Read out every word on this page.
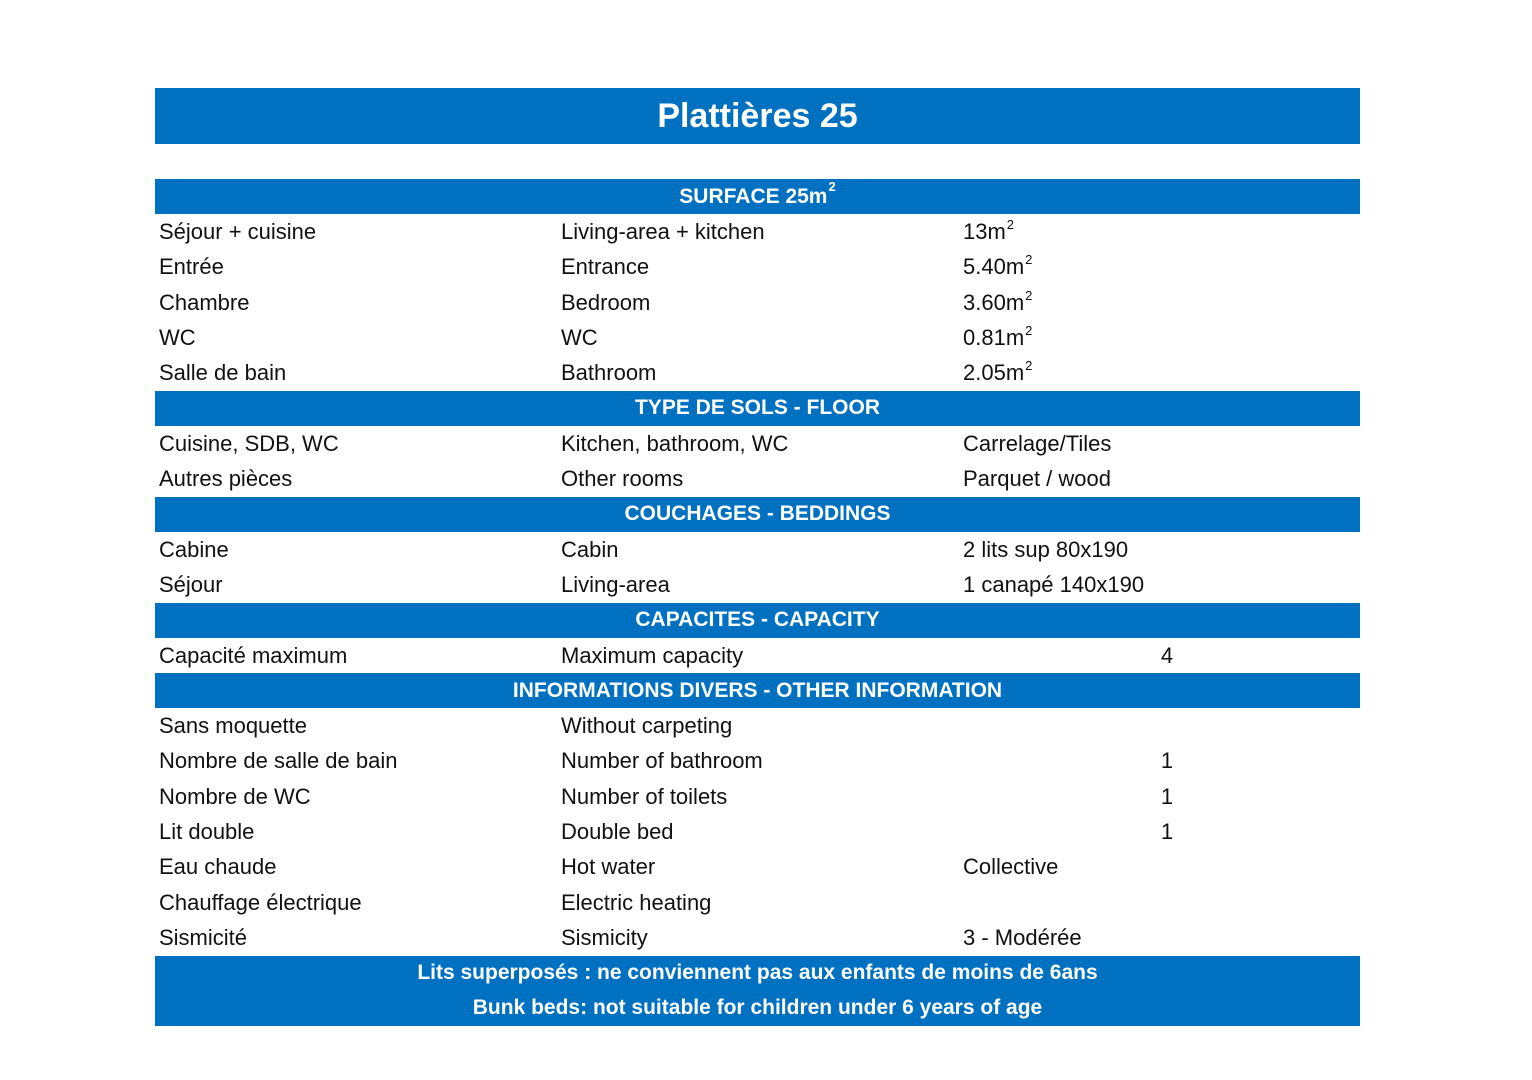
Plattières 25
SURFACE 25m 2
Séjour + cuisine	Living-area + kitchen	$13m^2$
Entrée	Entrance	$5.40m^2$
Chambre	Bedroom	$3.60m^2$
WC	WC	$0.81m^2$
Salle de bain	Bathroom	$2.05m^2$
TYPE DE SOLS - FLOOR
Cuisine, SDB, WC	Kitchen, bathroom, WC	Carrelage/Tiles
Autres pièces	Other rooms	Parquet / wood
COUCHAGES - BEDDINGS
Cabine	Cabin	2 lits sup 80x190
Séjour	Living-area	1 canapé 140x190
CAPACITES - CAPACITY
Capacité maximum	Maximum capacity	4
INFORMATIONS DIVERS - OTHER INFORMATION
Sans moquette	Without carpeting
Nombre de salle de bain	Number of bathroom	1
Nombre de WC	Number of toilets	1
Lit double	Double bed	1
Eau chaude	Hot water	Collective
Chauffage électrique	Electric heating
Sismicité	Sismicity	3 - Modérée
Lits superposés : ne conviennent pas aux enfants de moins de 6ans
Bunk beds: not suitable for children under 6 years of age
